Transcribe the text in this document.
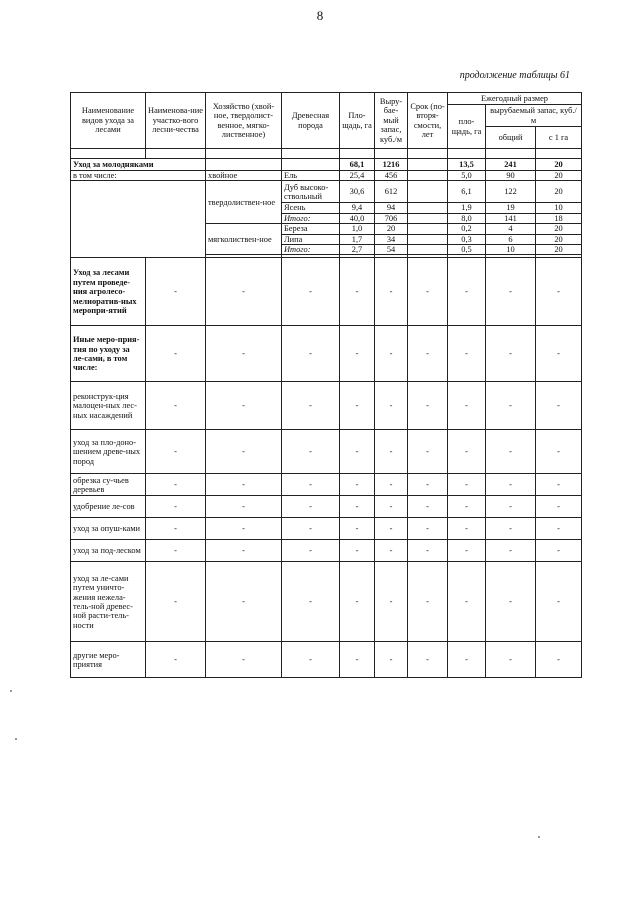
8
продолжение таблицы 61
Наименование видов ухода за лесами	Наименова-ние участко-вого лесни-чества	Хозяйство (хвой-ное, твердолист-венное, мягко-лиственное)	Древесная порода	Пло-щадь, га	Выру-бае-мый запас, куб./м	Срок (по-вторя-смости, лет	Ежегодный размер		
							пло-щадь, га	вырубаемый запас, куб./м	
								общий	с 1 га

Уход за молодняками				68,1	1216		13,5	241	20
в том числе:		хвойное	Ель	25,4	456		5,0	90	20
		твердолиствен-ное	Дуб высоко-ствольный	30,6	612		6,1	122	20
			Ясень	9,4	94		1,9	19	10
			Итого:	40,0	706		8,0	141	18
		мягколиствен-ное	Береза	1,0	20		0,2	4	20
			Липа	1,7	34		0,3	6	20
			Итого:	2,7	54		0,5	10	20

Уход за лесами путем проведе-ния агролесо-мелиоратив-ных меропри-ятий	-	-	-	-	-	-	-	-	-
Иные меро-прия-тия по уходу за ле-сами, в том числе:	-	-	-	-	-	-	-	-	-
реконструк-ция малоцен-ных лес-ных насаждений	-	-	-	-	-	-	-	-	-
уход за пло-доно-шением древе-ных пород	-	-	-	-	-	-	-	-	-
обрезка су-чьев деревьев	-	-	-	-	-	-	-	-	-
удобрение ле-сов	-	-	-	-	-	-	-	-	-
уход за опуш-ками	-	-	-	-	-	-	-	-	-
уход за под-леском	-	-	-	-	-	-	-	-	-
уход за ле-сами путем уничто-жения нежела-тель-ной древес-ной расти-тель-ности	-	-	-	-	-	-	-	-	-
другие меро-приятия	-	-	-	-	-	-	-	-	-
